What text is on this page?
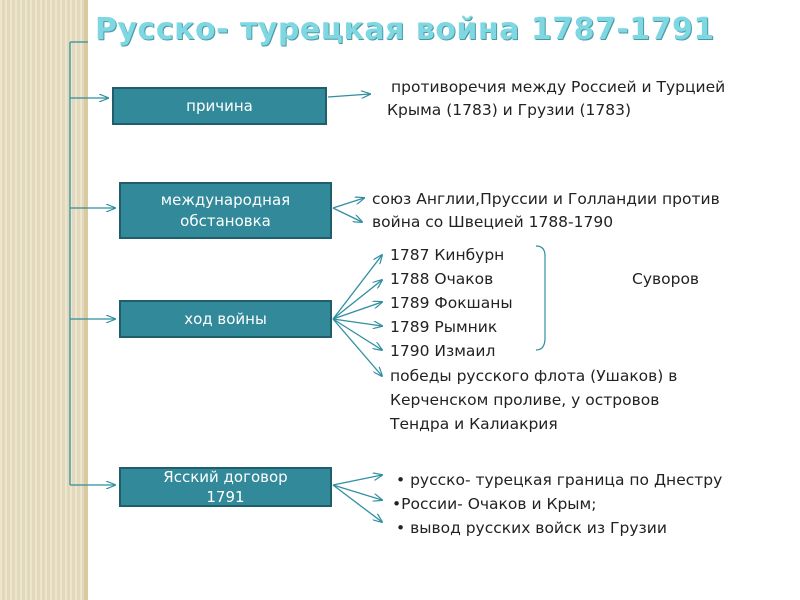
Русско- турецкая война 1787-1791
причина
международная
обстановка
ход войны
Ясский договор
1791
противоречия между Россией и Турцией
Крыма (1783) и Грузии (1783)
союз Англии,Пруссии и Голландии против
война со Швецией 1788-1790
1787 Кинбурн
1788 Очаков
1789 Фокшаны
1789 Рымник
1790 Измаил
Суворов
победы русского флота (Ушаков) в
Керченском проливе, у островов
Тендра и Калиакрия
• русско- турецкая граница по Днестру
•России- Очаков и Крым;
• вывод русских войск из Грузии
